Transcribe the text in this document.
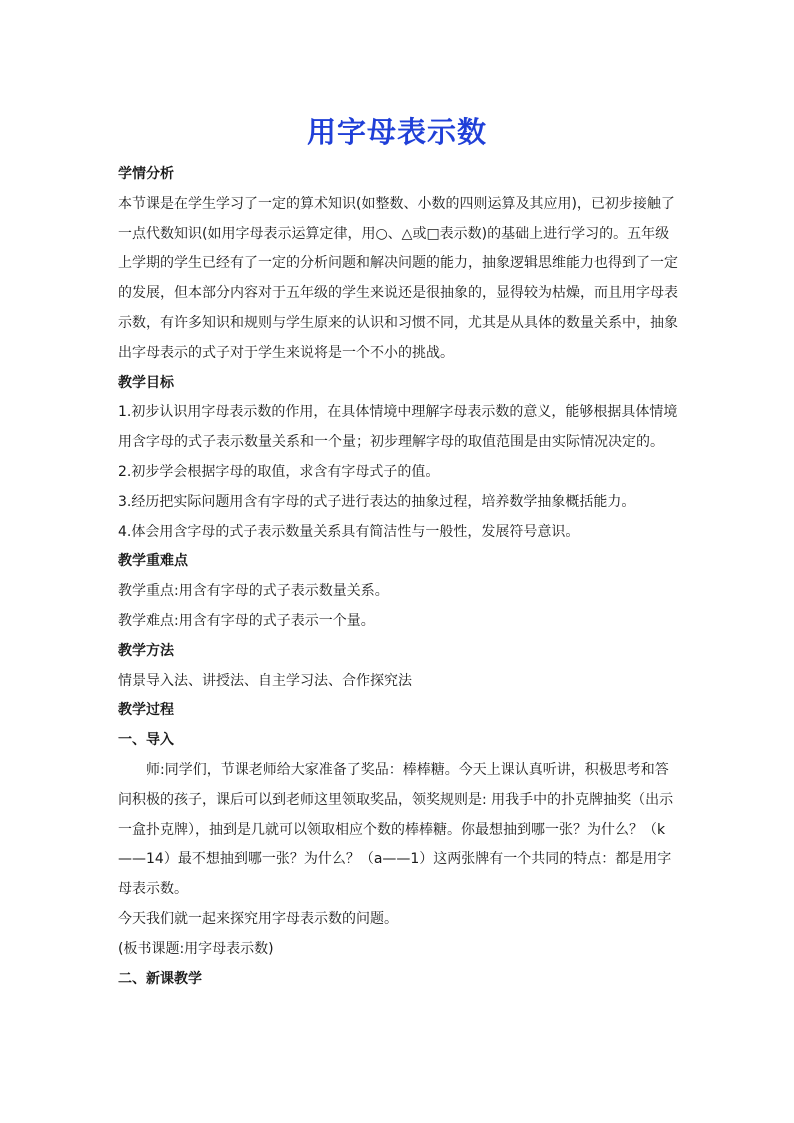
用字母表示数

学情分析

本节课是在学生学习了一定的算术知识(如整数、小数的四则运算及其应用)，已初步接触了一点代数知识(如用字母表示运算定律，用○、△或□表示数)的基础上进行学习的。五年级上学期的学生已经有了一定的分析问题和解决问题的能力，抽象逻辑思维能力也得到了一定的发展，但本部分内容对于五年级的学生来说还是很抽象的，显得较为枯燥，而且用字母表示数，有许多知识和规则与学生原来的认识和习惯不同，尤其是从具体的数量关系中，抽象出字母表示的式子对于学生来说将是一个不小的挑战。

教学目标

1.初步认识用字母表示数的作用，在具体情境中理解字母表示数的意义，能够根据具体情境用含字母的式子表示数量关系和一个量；初步理解字母的取值范围是由实际情况决定的。

2.初步学会根据字母的取值，求含有字母式子的值。

3.经历把实际问题用含有字母的式子进行表达的抽象过程，培养数学抽象概括能力。

4.体会用含字母的式子表示数量关系具有简洁性与一般性，发展符号意识。

教学重难点

教学重点:用含有字母的式子表示数量关系。

教学难点:用含有字母的式子表示一个量。

教学方法

情景导入法、讲授法、自主学习法、合作探究法

教学过程

一、导入

师:同学们，节课老师给大家准备了奖品：棒棒糖。今天上课认真听讲，积极思考和答问积极的孩子，课后可以到老师这里领取奖品，领奖规则是: 用我手中的扑克牌抽奖（出示一盒扑克牌），抽到是几就可以领取相应个数的棒棒糖。你最想抽到哪一张？为什么？（k——14）最不想抽到哪一张？为什么？（a——1）这两张牌有一个共同的特点：都是用字母表示数。

今天我们就一起来探究用字母表示数的问题。

(板书课题:用字母表示数)

二、新课教学
